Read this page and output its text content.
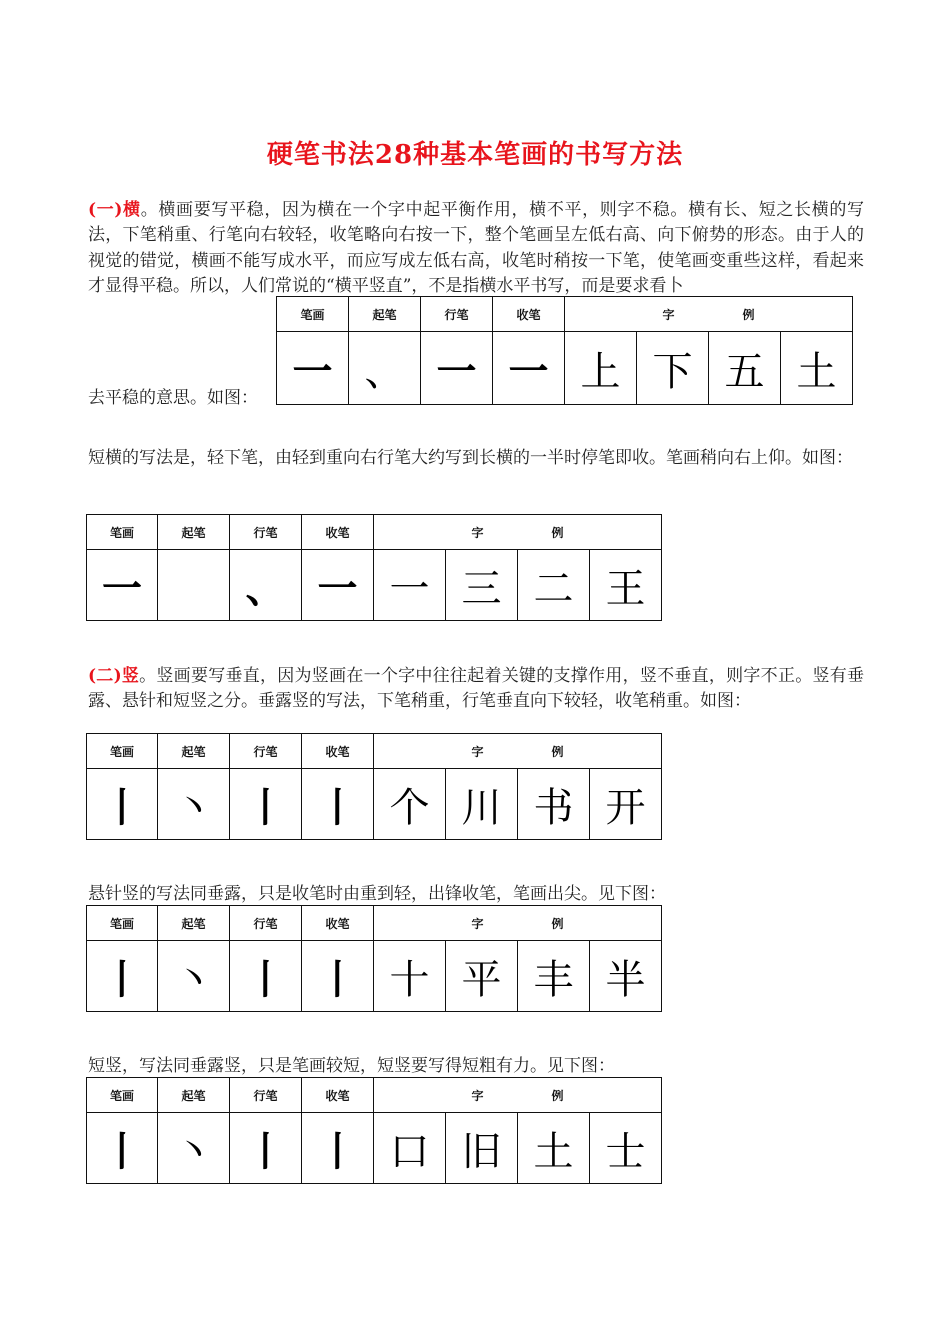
硬笔书法28种基本笔画的书写方法
(一)横。横画要写平稳，因为横在一个字中起平衡作用，横不平，则字不稳。横有长、短之长横的写法，下笔稍重、行笔向右较轻，收笔略向右按一下，整个笔画呈左低右高、向下俯势的形态。由于人的视觉的错觉，横画不能写成水平，而应写成左低右高，收笔时稍按一下笔，使笔画变重些这样，看起来才显得平稳。所以，人们常说的“横平竖直”，不是指横水平书写，而是要求看卜
去平稳的意思。如图：
笔画	起笔	行笔	收笔	字 例			
一	、	一	一	上	下	五	土
短横的写法是，轻下笔，由轻到重向右行笔大约写到长横的一半时停笔即收。笔画稍向右上仰。如图：
笔画	起笔	行笔	收笔	字 例			
一		、	一	一	三	二	王
(二)竖。竖画要写垂直，因为竖画在一个字中往往起着关键的支撑作用，竖不垂直，则字不正。竖有垂露、悬针和短竖之分。垂露竖的写法，下笔稍重，行笔垂直向下较轻，收笔稍重。如图：
笔画	起笔	行笔	收笔	字 例			
丨	丶	丨	丨	个	川	书	开
悬针竖的写法同垂露，只是收笔时由重到轻，出锋收笔，笔画出尖。见下图：
笔画	起笔	行笔	收笔	字 例			
丨	丶	丨	丨	十	平	丰	半
短竖，写法同垂露竖，只是笔画较短，短竖要写得短粗有力。见下图：
笔画	起笔	行笔	收笔	字 例			
丨	丶	丨	丨	口	旧	土	士
